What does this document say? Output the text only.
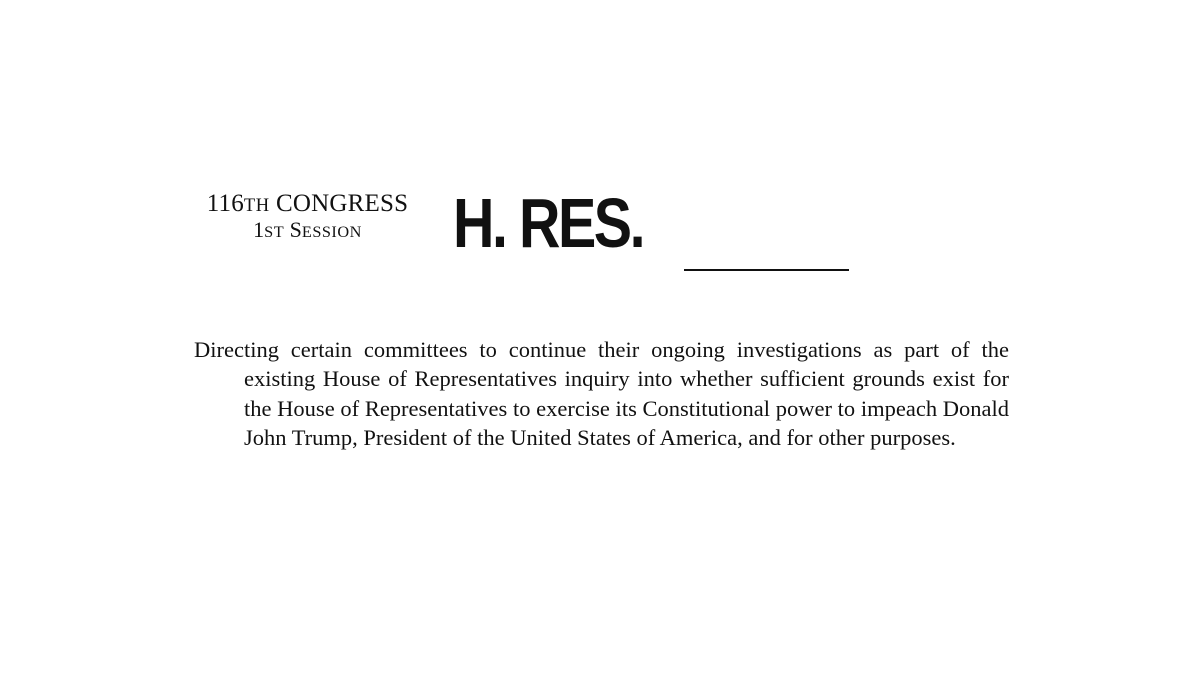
116TH CONGRESS
1ST SESSION	H. RES.

Directing certain committees to continue their ongoing investigations as part of the existing House of Representatives inquiry into whether sufficient grounds exist for the House of Representatives to exercise its Constitutional power to impeach Donald John Trump, President of the United States of America, and for other purposes.
